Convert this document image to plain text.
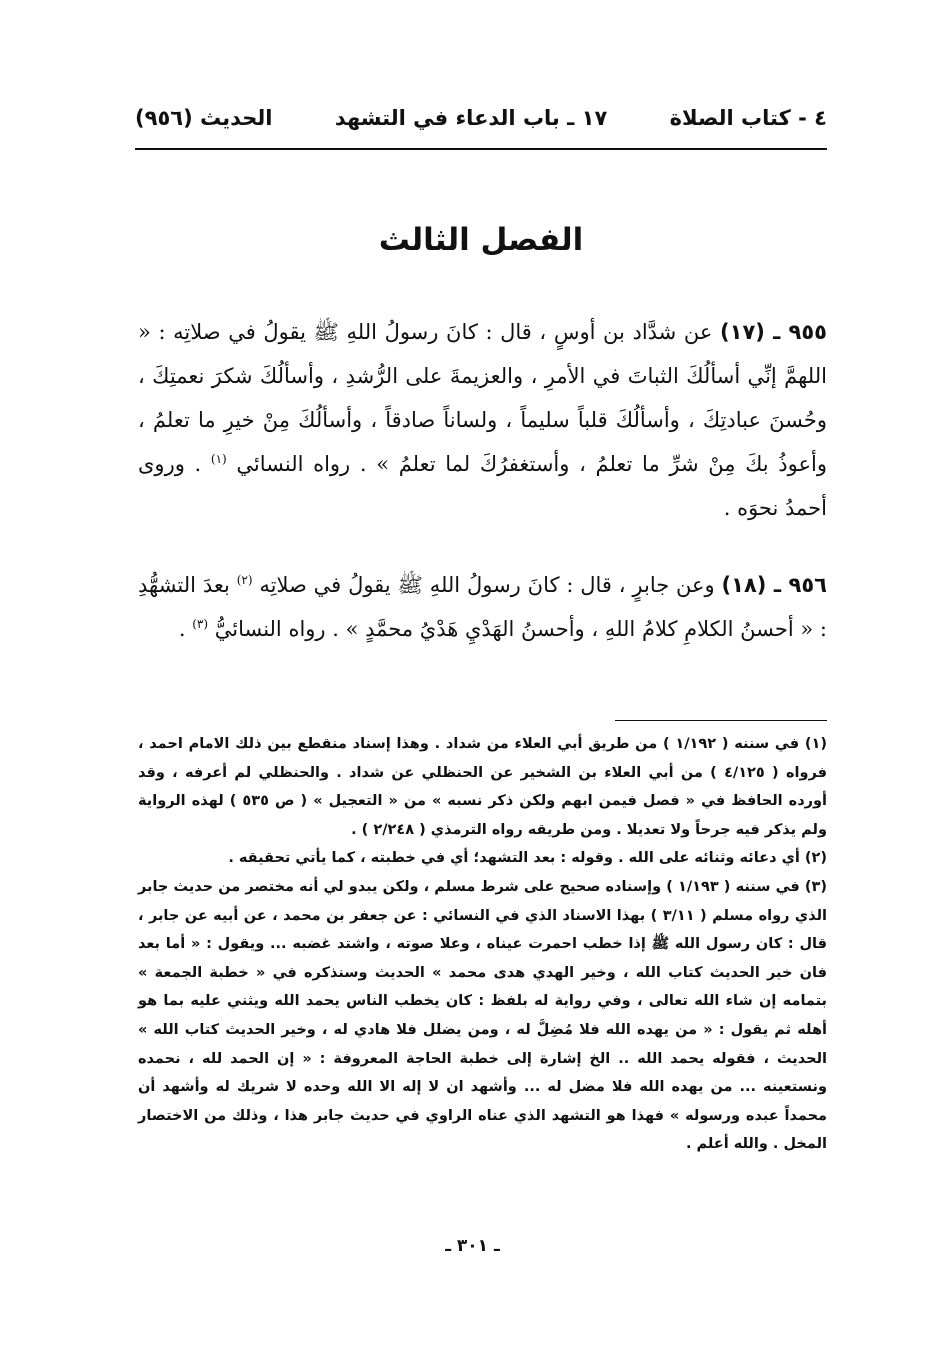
٤ - كتاب الصلاة
١٧ ـ باب الدعاء في التشهد
الحديث (٩٥٦)
الفصل الثالث
٩٥٥ ـ (١٧) عن شدَّاد بن أوسٍ ، قال : كانَ رسولُ اللهِ ﷺ يقولُ في صلاتِه : « اللهمَّ إنِّي أسألُكَ الثباتَ في الأمرِ ، والعزيمةَ على الرُّشدِ ، وأسألُكَ شكرَ نعمتِكَ ، وحُسنَ عبادتِكَ ، وأسألُكَ قلباً سليماً ، ولساناً صادقاً ، وأسألُكَ مِنْ خيرِ ما تعلمُ ، وأعوذُ بكَ مِنْ شرِّ ما تعلمُ ، وأستغفرُكَ لما تعلمُ » . رواه النسائي $^{(١)}$ . وروى أحمدُ نحوَه .
٩٥٦ ـ (١٨) وعن جابرٍ ، قال : كانَ رسولُ اللهِ ﷺ يقولُ في صلاتِه $^{(٢)}$ بعدَ التشهُّدِ : « أحسنُ الكلامِ كلامُ اللهِ ، وأحسنُ الهَدْيِ هَدْيُ محمَّدٍ » . رواه النسائيُّ $^{(٣)}$ .

(١) في سننه ( ١/١٩٢ ) من طريق أبي العلاء من شداد . وهذا إسناد منقطع بين ذلك الامام احمد ، فرواه ( ٤/١٢٥ ) من أبي العلاء بن الشخير عن الحنظلي عن شداد . والحنظلي لم أعرفه ، وقد أورده الحافظ في « فصل فيمن ابهم ولكن ذكر نسبه » من « التعجيل » ( ص ٥٣٥ ) لهذه الرواية ولم يذكر فيه جرحاً ولا تعديلا . ومن طريقه رواه الترمذي ( ٢/٢٤٨ ) .

(٢) أي دعائه وثنائه على الله . وقوله : بعد التشهد؛ أي في خطبته ، كما يأتي تحقيقه .

(٣) في سننه ( ١/١٩٣ ) وإسناده صحيح على شرط مسلم ، ولكن يبدو لي أنه مختصر من حديث جابر الذي رواه مسلم ( ٣/١١ ) بهذا الاسناد الذي في النسائي : عن جعفر بن محمد ، عن أبيه عن جابر ، قال : كان رسول الله ﷺ إذا خطب احمرت عيناه ، وعلا صوته ، واشتد غضبه ... ويقول : « أما بعد فان خير الحديث كتاب الله ، وخير الهدي هدى محمد » الحديث وسنذكره في « خطبة الجمعة » بتمامه إن شاء الله تعالى ، وفي رواية له بلفظ : كان يخطب الناس يحمد الله ويثني عليه بما هو أهله ثم يقول : « من يهده الله فلا مُضِلَّ له ، ومن يضلل فلا هادي له ، وخير الحديث كتاب الله » الحديث ، فقوله يحمد الله .. الخ إشارة إلى خطبة الحاجة المعروفة : « إن الحمد لله ، نحمده ونستعينه ... من يهده الله فلا مضل له ... وأشهد ان لا إله الا الله وحده لا شريك له وأشهد أن محمداً عبده ورسوله » فهذا هو التشهد الذي عناه الراوي في حديث جابر هذا ، وذلك من الاختصار المخل . والله أعلم .

ـ ٣٠١ ـ
